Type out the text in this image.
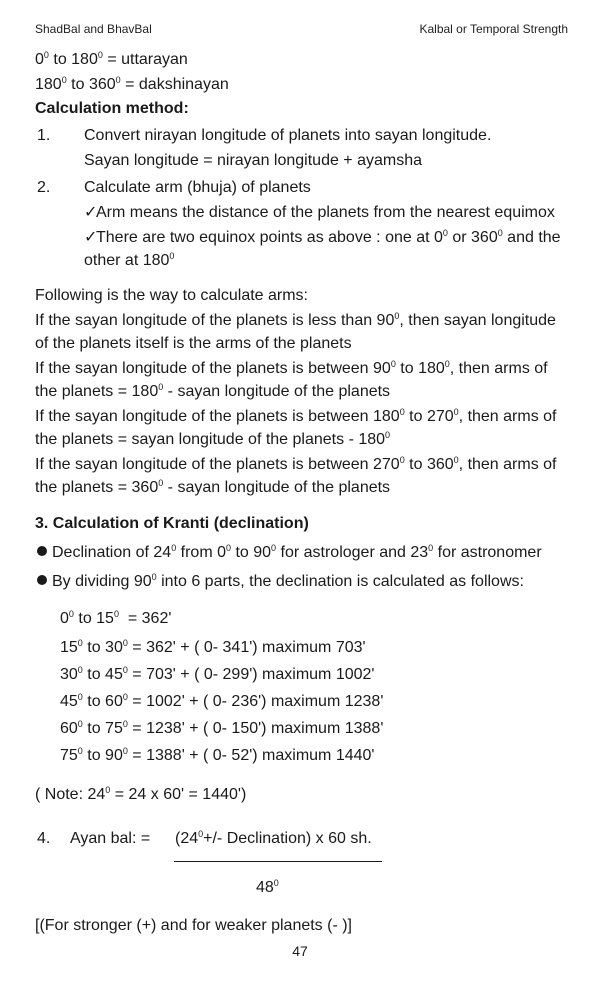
ShadBal and BhavBal	Kalbal or Temporal Strength
$0^0$ to $180^0$ = uttarayan
$180^0$ to $360^0$ = dakshinayan
Calculation method:
1. Convert nirayan longitude of planets into sayan longitude.
Sayan longitude = nirayan longitude + ayamsha
2. Calculate arm (bhuja) of planets
✓Arm means the distance of the planets from the nearest equimox
✓There are two equinox points as above : one at $0^0$ or $360^0$ and the
other at $180^0$
Following is the way to calculate arms:
If the sayan longitude of the planets is less than $90^0$, then sayan longitude
of the planets itself is the arms of the planets
If the sayan longitude of the planets is between $90^0$ to $180^0$, then arms of
the planets = $180^0$ - sayan longitude of the planets
If the sayan longitude of the planets is between $180^0$ to $270^0$, then arms of
the planets = sayan longitude of the planets - $180^0$
If the sayan longitude of the planets is between $270^0$ to $360^0$, then arms of
the planets = $360^0$ - sayan longitude of the planets
3. Calculation of Kranti (declination)
Declination of $24^0$ from $0^0$ to $90^0$ for astrologer and $23^0$ for astronomer
By dividing $90^0$ into 6 parts, the declination is calculated as follows:
$0^0$ to $15^0 = 362'$
$15^0$ to $30^0 = 362'$ + ( 0- 341') maximum 703'
$30^0$ to $45^0 = 703'$ + ( 0- 299') maximum 1002'
$45^0$ to $60^0 = 1002'$ + ( 0- 236') maximum 1238'
$60^0$ to $75^0 = 1238'$ + ( 0- 150') maximum 1388'
$75^0$ to $90^0 = 1388'$ + ( 0- 52') maximum 1440'
( Note: $24^0 = 24$ x 60' = 1440')
4. Ayan bal: = ($24^0+/-$ Declination) x 60 sh.
$48^0$
[(For stronger (+) and for weaker planets (- )]
47
